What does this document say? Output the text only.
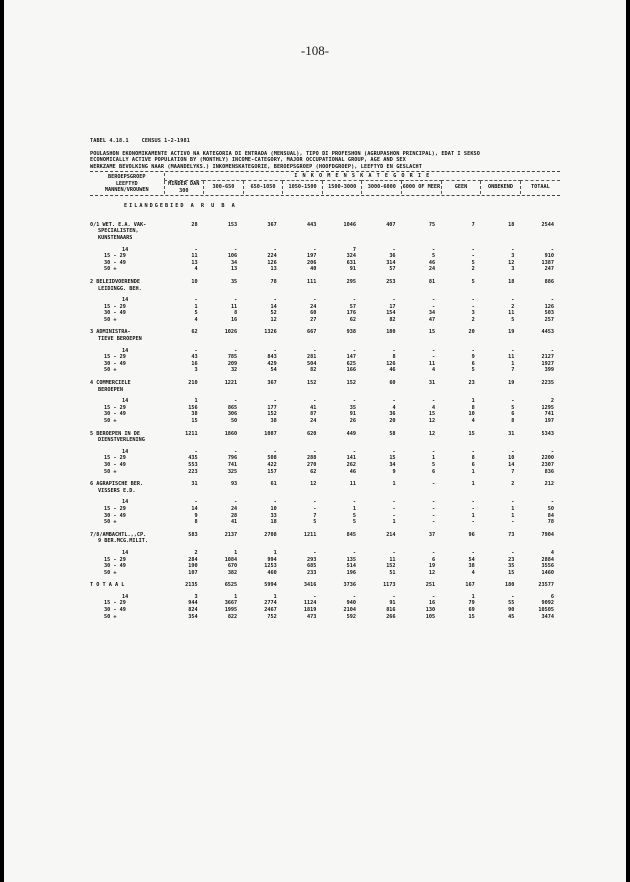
-108-
TABEL 4.18.1 CENSUS 1-2-1981
POULASHON EKONOMIKAMENTE ACTIVO NA KATEGORIA DI ENTRADA (MENSUAL), TIPO DI PROFESHON (AGRUPASHON PRINCIPAL), EDAT I SEKSO
ECONOMICALLY ACTIVE POPULATION BY (MONTHLY) INCOME-CATEGORY, MAJOR OCCUPATIONAL GROUP, AGE AND SEX
WERKZAME BEVOLKING NAAR (MAANDELYKS.) INKOMENSKATEGORIE, BEROEPSGROEP (HOOFDGROEP), LEEFTYD EN GESLACHT
BEROEPSGROEP	I N K O M E N S K A T E G O R I E									

LEEFTYD
MANNEN/VROUWEN	MINDER DAN 300	300-650	650-1050	1050-1500	1500-3000	3000-6000	6000 OF MEER	GEEN	ONBEKEND	TOTAAL
EILANDGEBIED A R U B A
0/1 WET. E.A. VAK-	28	153	367	443	1046	407	75	7	18	2544
SPECIALISTEN,										
KUNSTENAARS										

14	-	-	-	-	7	-	-	-	-	-
15 - 29	11	106	224	197	324	36	5	-	3	910
30 - 49	13	34	126	206	631	314	46	5	12	1387
50 +	4	13	13	40	91	57	24	2	3	247
2 BELEIDVOERENDE	10	35	78	111	295	253	81	5	18	886
LEIDINGG. BEH.										

14	-	-	-	-	-	-	-	-	-	-
15 - 29	1	11	14	24	57	17	-	-	2	126
30 - 49	5	8	52	60	176	154	34	3	11	503
50 +	4	16	12	27	62	82	47	2	5	257
3 ADMINISTRA-	62	1026	1326	667	938	180	15	20	19	4453
TIEVE BEROEPEN										

14	-	-	-	-	-	-	-	-	-	-
15 - 29	43	785	843	281	147	8	-	9	11	2127
30 - 49	16	209	429	504	625	126	11	6	1	1927
50 +	3	32	54	82	166	46	4	5	7	399
4 COMMERCIELE	210	1221	367	152	152	60	31	23	19	2235
BEROEPEN										

14	1	-	-	-	-	-	-	1	-	2
15 - 29	156	865	177	41	35	4	4	8	5	1295
30 - 49	38	306	152	87	91	36	15	10	6	741
50 +	15	50	38	24	26	20	12	4	8	197
5 BEROEPEN IN DE	1211	1860	1087	620	449	58	12	15	31	5343
DIENSTVERLENING										

14	-	-	-	-	-	-	-	-	-	-
15 - 29	435	796	508	288	141	15	1	8	10	2200
30 - 49	553	741	422	270	262	34	5	6	14	2307
50 +	223	325	157	62	46	9	6	1	7	836
6 AGRAPISCHE BER.	31	93	61	12	11	1	-	1	2	212
VISSERS E.D.										

14	-	-	-	-	-	-	-	-	-	-
15 - 29	14	24	10	-	1	-	-	-	1	50
30 - 49	9	28	33	7	5	-	-	1	1	84
50 +	8	41	18	5	5	1	-	-	-	78
7/8/AMBACHTL.,,CP.	583	2137	2708	1211	845	214	37	96	73	7904
9 BER.MCG.MILIT.										

14	2	1	1	-	-	-	-	-	-	4
15 - 29	284	1084	994	293	135	11	6	54	23	2884
30 - 49	190	670	1253	685	514	152	19	38	35	3556
50 +	107	382	460	233	196	51	12	4	15	1460
T O T A A L	2135	6525	5994	3416	3736	1173	251	167	180	23577

14	3	1	1	-	-	-	-	1	-	6
15 - 29	944	3667	2774	1124	940	91	16	79	55	9092
30 - 49	824	1995	2467	1819	2104	816	130	69	90	10505
50 +	354	822	752	473	592	266	105	15	45	3474
